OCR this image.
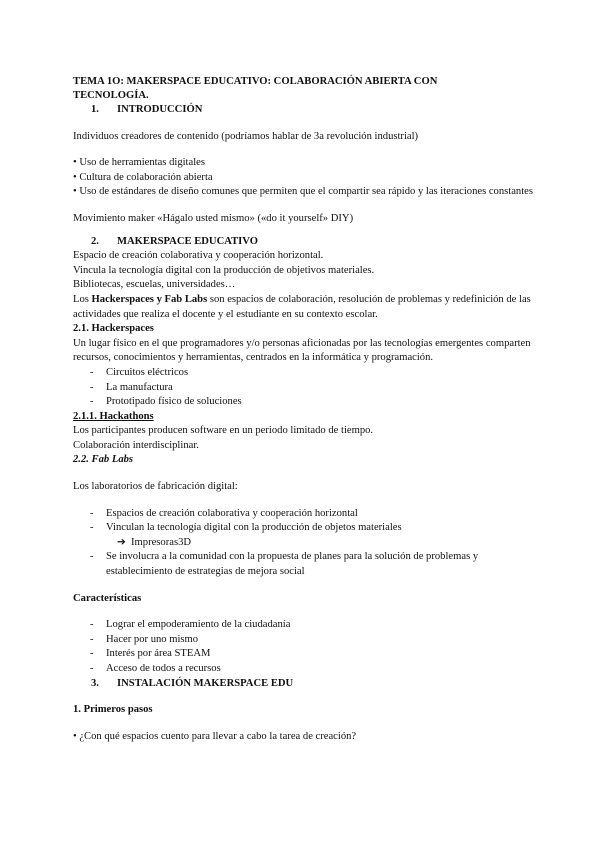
TEMA 1O: MAKERSPACE EDUCATIVO: COLABORACIÓN ABIERTA CON
TECNOLOGÍA.

1. INTRODUCCIÓN

Individuos creadores de contenido (podríamos hablar de 3a revolución industrial)

• Uso de herramientas digitales

• Cultura de colaboración abierta

• Uso de estándares de diseño comunes que permiten que el compartir sea rápido y las iteraciones constantes

Movimiento maker «Hágalo usted mismo» («do it yourself» DIY)

2. MAKERSPACE EDUCATIVO

Espacio de creación colaborativa y cooperación horizontal.

Vincula la tecnología digital con la producción de objetivos materiales.

Bibliotecas, escuelas, universidades…

Los Hackerspaces y Fab Labs son espacios de colaboración, resolución de problemas y redefinición de las actividades que realiza el docente y el estudiante en su contexto escolar.

2.1. Hackerspaces

Un lugar físico en el que programadores y/o personas aficionadas por las tecnologías emergentes comparten recursos, conocimientos y herramientas, centrados en la informática y programación.

- Circuitos eléctricos
- La manufactura
- Prototipado físico de soluciones

2.1.1. Hackathons

Los participantes producen software en un periodo limitado de tiempo.

Colaboración interdisciplinar.

2.2. Fab Labs

Los laboratorios de fabricación digital:

- Espacios de creación colaborativa y cooperación horizontal
- Vinculan la tecnología digital con la producción de objetos materiales

➔ Impresoras3D

- Se involucra a la comunidad con la propuesta de planes para la solución de problemas y establecimiento de estrategias de mejora social

Características

- Lograr el empoderamiento de la ciudadanía
- Hacer por uno mismo
- Interés por área STEAM
- Acceso de todos a recursos

3. INSTALACIÓN MAKERSPACE EDU

1. Primeros pasos

• ¿Con qué espacios cuento para llevar a cabo la tarea de creación?
